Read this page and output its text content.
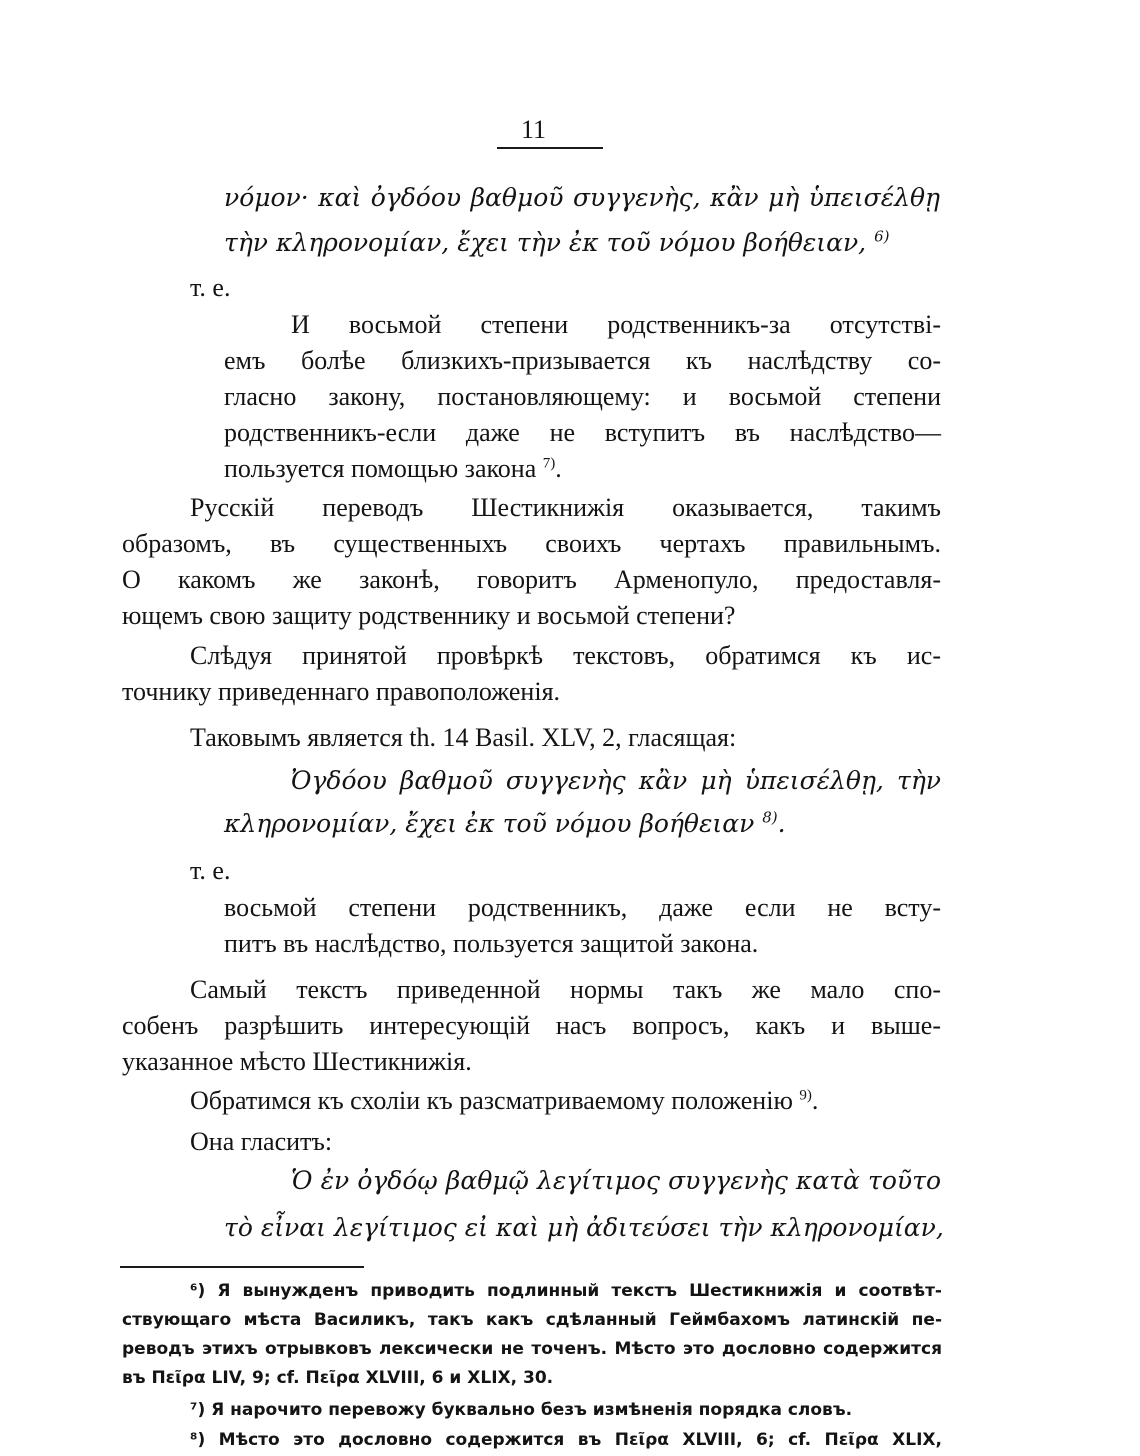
11
νόμον· καὶ ὀγδόου βαθμοῦ συγγενὴς, κἂν μὴ ὑπεισέλθῃ
τὴν κληρονομίαν, ἔχει τὴν ἐκ τοῦ νόμου βοήθειαν, $^{6)}$
т. е.
И восьмой степени родственникъ-за отсутствi-
емъ болѣе близкихъ-призывается къ наслѣдству со-
гласно закону, постановляющему: и восьмой степени
родственникъ-если даже не вступитъ въ наслѣдство—
пользуется помощью закона $^{7)}$.
Русскiй переводъ Шестикнижiя оказывается, такимъ
образомъ, въ существенныхъ своихъ чертахъ правильнымъ.
О какомъ же законѣ, говоритъ Арменопуло, предоставля-
ющемъ свою защиту родственнику и восьмой степени?
Слѣдуя принятой провѣркѣ текстовъ, обратимся къ ис-
точнику приведеннаго правоположенiя.
Таковымъ является th. 14 Basil. XLV, 2, гласящая:
Ὀγδόου βαθμοῦ συγγενὴς κἂν μὴ ὑπεισέλθῃ, τὴν
κληρονομίαν, ἔχει ἐκ τοῦ νόμου βοήθειαν $^{8)}$.
т. е.
восьмой степени родственникъ, даже если не всту-
питъ въ наслѣдство, пользуется защитой закона.
Самый текстъ приведенной нормы такъ же мало спо-
собенъ разрѣшить интересующiй насъ вопросъ, какъ и выше-
указанное мѣсто Шестикнижiя.
Обратимся къ схолiи къ разсматриваемому положенiю $^{9)}$.
Она гласитъ:
Ὁ ἐν ὀγδόῳ βαθμῷ λεγίτιμος συγγενὴς κατὰ τοῦτο
τὸ εἶναι λεγίτιμος εἰ καὶ μὴ ἀδιτεύσει τὴν κληρονομίαν,
⁶) Я вынужденъ приводить подлинный текстъ Шестикнижiя и соотвѣт-
ствующаго мѣста Василикъ, такъ какъ сдѣланный Геймбахомъ латинскiй пе-
реводъ этихъ отрывковъ лексически не точенъ. Мѣсто это дословно содержится
въ Πεῖρα LIV, 9; cf. Πεῖρα XLVIII, 6 и XLIX, 30.
⁷) Я нарочито перевожу буквально безъ измѣненiя порядка словъ.
⁸) Мѣсто это дословно содержится въ Πεῖρα XLVIII, 6; cf. Πεῖρα XLIX,
